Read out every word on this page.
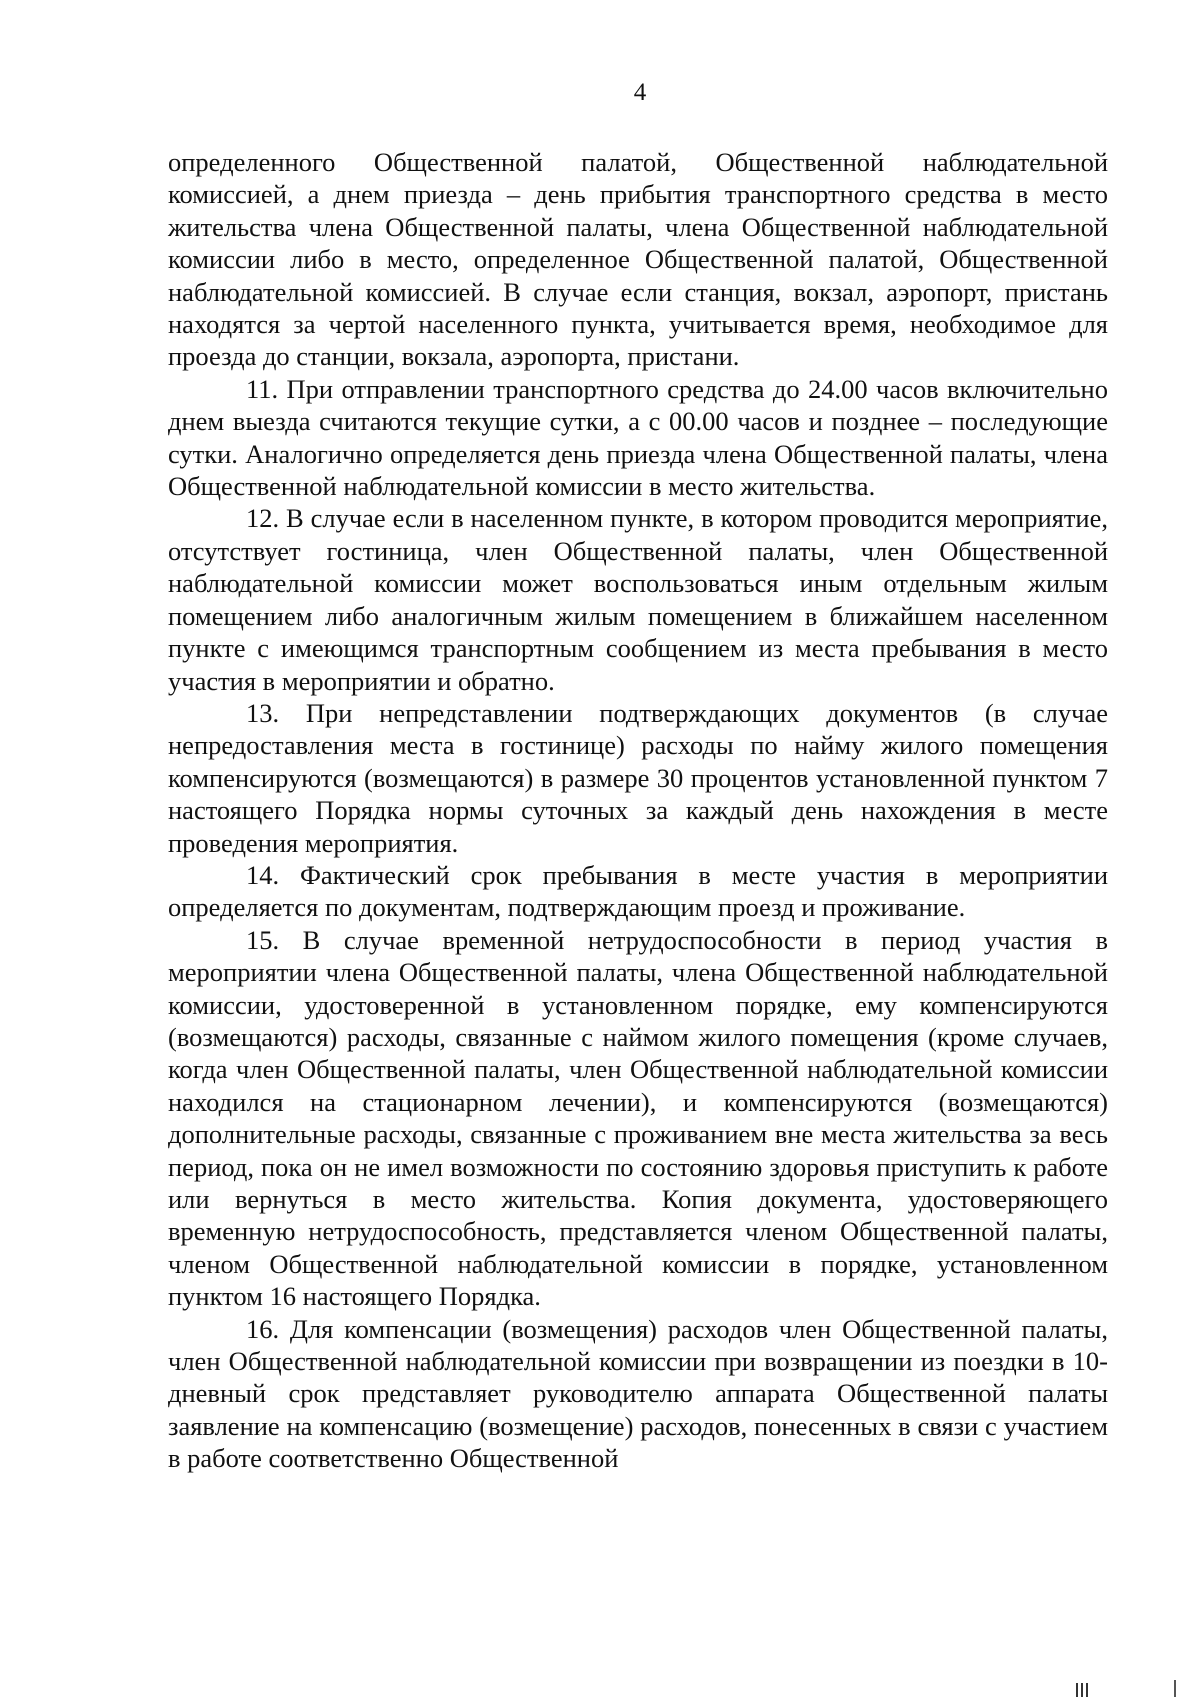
4

определенного Общественной палатой, Общественной наблюдательной комиссией, а днем приезда – день прибытия транспортного средства в место жительства члена Общественной палаты, члена Общественной наблюдательной комиссии либо в место, определенное Общественной палатой, Общественной наблюдательной комиссией. В случае если станция, вокзал, аэропорт, пристань находятся за чертой населенного пункта, учитывается время, необходимое для проезда до станции, вокзала, аэропорта, пристани.

11. При отправлении транспортного средства до 24.00 часов включительно днем выезда считаются текущие сутки, а с 00.00 часов и позднее – последующие сутки. Аналогично определяется день приезда члена Общественной палаты, члена Общественной наблюдательной комиссии в место жительства.

12. В случае если в населенном пункте, в котором проводится мероприятие, отсутствует гостиница, член Общественной палаты, член Общественной наблюдательной комиссии может воспользоваться иным отдельным жилым помещением либо аналогичным жилым помещением в ближайшем населенном пункте с имеющимся транспортным сообщением из места пребывания в место участия в мероприятии и обратно.

13. При непредставлении подтверждающих документов (в случае непредоставления места в гостинице) расходы по найму жилого помещения компенсируются (возмещаются) в размере 30 процентов установленной пунктом 7 настоящего Порядка нормы суточных за каждый день нахождения в месте проведения мероприятия.

14. Фактический срок пребывания в месте участия в мероприятии определяется по документам, подтверждающим проезд и проживание.

15. В случае временной нетрудоспособности в период участия в мероприятии члена Общественной палаты, члена Общественной наблюдательной комиссии, удостоверенной в установленном порядке, ему компенсируются (возмещаются) расходы, связанные с наймом жилого помещения (кроме случаев, когда член Общественной палаты, член Общественной наблюдательной комиссии находился на стационарном лечении), и компенсируются (возмещаются) дополнительные расходы, связанные с проживанием вне места жительства за весь период, пока он не имел возможности по состоянию здоровья приступить к работе или вернуться в место жительства. Копия документа, удостоверяющего временную нетрудоспособность, представляется членом Общественной палаты, членом Общественной наблюдательной комиссии в порядке, установленном пунктом 16 настоящего Порядка.

16. Для компенсации (возмещения) расходов член Общественной палаты, член Общественной наблюдательной комиссии при возвращении из поездки в 10-дневный срок представляет руководителю аппарата Общественной палаты заявление на компенсацию (возмещение) расходов, понесенных в связи с участием в работе соответственно Общественной
